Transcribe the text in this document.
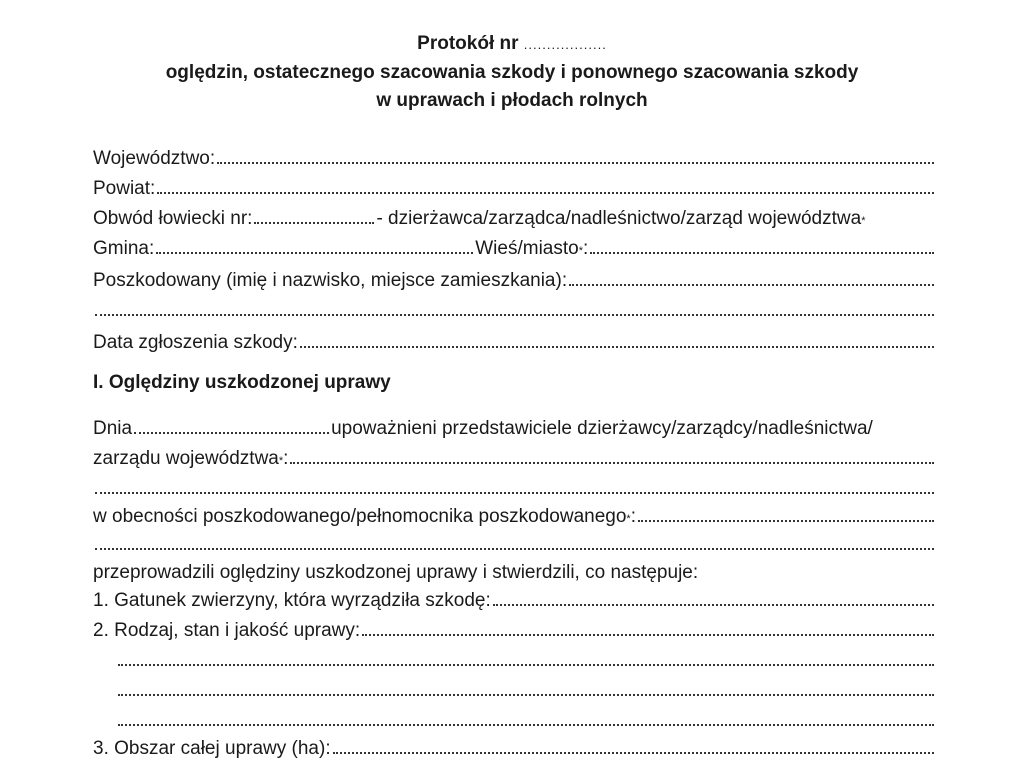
Protokół nr ..................
oględzin, ostatecznego szacowania szkody i ponownego szacowania szkody
w uprawach i płodach rolnych
Województwo:
Powiat:
Obwód łowiecki nr:	- dzierżawca/zarządca/nadleśnictwo/zarząd województwa *
Gmina:	Wieś/miasto * :
Poszkodowany (imię i nazwisko, miejsce zamieszkania):
Data zgłoszenia szkody:
I. Oględziny uszkodzonej uprawy
Dnia	upoważnieni przedstawiciele dzierżawcy/zarządcy/nadleśnictwa/
zarządu województwa * :
w obecności poszkodowanego/pełnomocnika poszkodowanego * :
przeprowadzili oględziny uszkodzonej uprawy i stwierdzili, co następuje:
1. Gatunek zwierzyny, która wyrządziła szkodę:
2. Rodzaj, stan i jakość uprawy:
3. Obszar całej uprawy (ha):
